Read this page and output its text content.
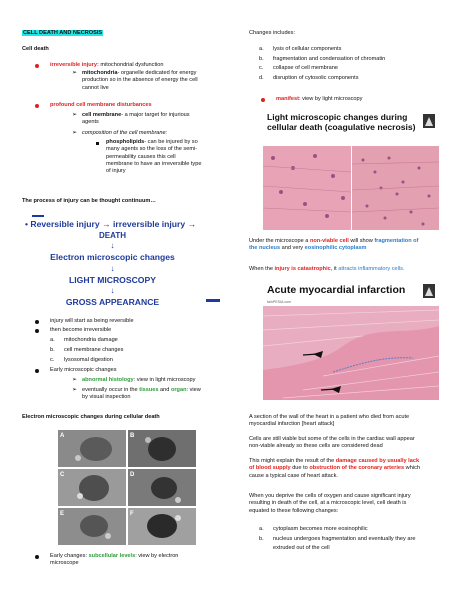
CELL DEATH AND NECROSIS
Cell death
irreversible injury: mitochondrial dysfunction
➢ mitochondria- organelle dedicated for energy
production so in the absence of energy the cell
cannot live
profound cell membrane disturbances
➢ cell membrane- a major target for injurious
agents
➢ composition of the cell membrane:
phospholipids- can be injured by so
many agents so the loss of the semi-
permeability causes this cell
membrane to have an irreversible type
of injury
The process of injury can be thought continuum…
• Reversible injury → irreversible injury →
DEATH
↓
Electron microscopic changes
↓
LIGHT MICROSCOPY
↓
GROSS APPEARANCE
injury will start as being reversible
then become irreversible
a. mitochondria damage
b. cell membrane changes
c. lysosomal digestion
Early microscopic changes
➢ abnormal histology: view in light microscopy
➢ eventually occur in the tissues and organ: view
by visual inspection
Electron microscopic changes during cellular death
A	B
C	D
E	F
Early changes: subcellular levels: view by electron
microscope
Changes includes:
a. lysis of cellular components
b. fragmentation and condensation of chromatin
c. collapse of cell membrane
d. disruption of cytosolic components
manifest: view by light microscopy
Light microscopic changes during
cellular death (coagulative necrosis)
Under the microscope a non-viable cell will show fragmentation of
the nucleus and very eosinophilic cytoplasm
When the injury is catastrophic, it attracts inflammatory cells.
Acute myocardial infarction
fainPESIA.com
A section of the wall of the heart in a patient who died from acute
myocardial infarction [heart attack]
Cells are still viable but some of the cells in the cardiac wall appear
non-viable already so these cells are considered dead
This might explain the result of the damage caused by usually lack
of blood supply due to obstruction of the coronary arteries which
cause a typical case of heart attack.
When you deprive the cells of oxygen and cause significant injury
resulting in death of the cell, at a microscopic level, cell death is
equated to these following changes:
a. cytoplasm becomes more eosinophilic
b. nucleus undergoes fragmentation and eventually they are
extruded out of the cell
